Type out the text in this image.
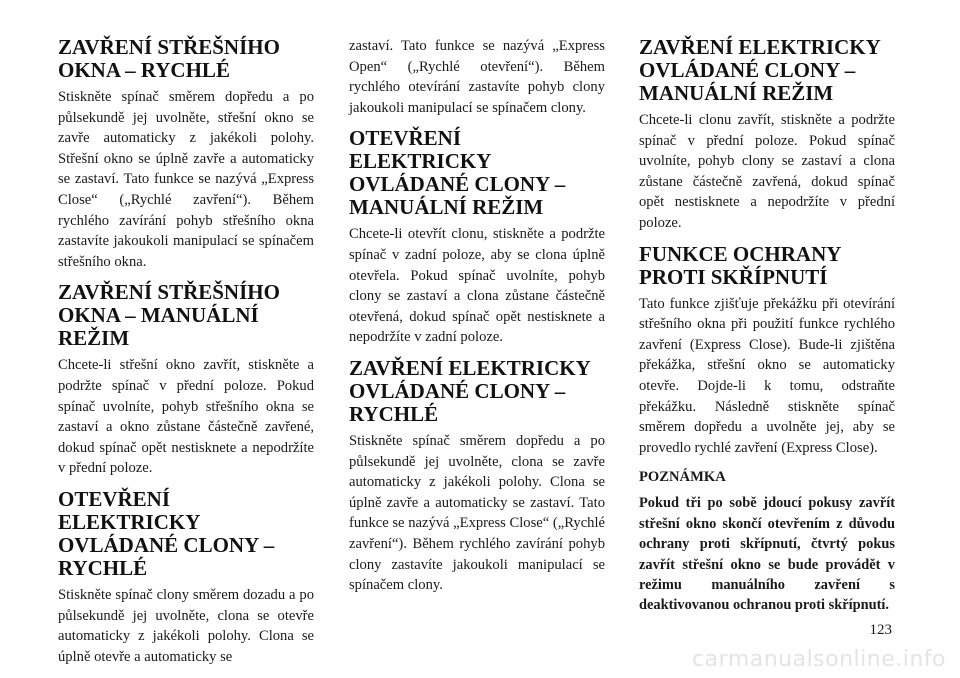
ZAVŘENÍ STŘEŠNÍHO
OKNA – RYCHLÉ

Stiskněte spínač směrem dopředu a po půlsekundě jej uvolněte, střešní okno se zavře automaticky z jakékoli polohy. Střešní okno se úplně zavře a automaticky se zastaví. Tato funkce se nazývá „Express Close“ („Rychlé zavření“). Během rychlého zavírání pohyb střešního okna zastavíte jakoukoli manipulací se spínačem střešního okna.

ZAVŘENÍ STŘEŠNÍHO
OKNA – MANUÁLNÍ
REŽIM

Chcete-li střešní okno zavřít, stiskněte a podržte spínač v přední poloze. Pokud spínač uvolníte, pohyb střešního okna se zastaví a okno zůstane částečně zavřené, dokud spínač opět nestisknete a nepodržíte v přední poloze.

OTEVŘENÍ ELEKTRICKY
OVLÁDANÉ CLONY –
RYCHLÉ

Stiskněte spínač clony směrem dozadu a po půlsekundě jej uvolněte, clona se otevře automaticky z jakékoli polohy. Clona se úplně otevře a automaticky se

zastaví. Tato funkce se nazývá „Express Open“ („Rychlé otevření“). Během rychlého otevírání zastavíte pohyb clony jakoukoli manipulací se spínačem clony.

OTEVŘENÍ ELEKTRICKY
OVLÁDANÉ CLONY –
MANUÁLNÍ REŽIM

Chcete-li otevřít clonu, stiskněte a podržte spínač v zadní poloze, aby se clona úplně otevřela. Pokud spínač uvolníte, pohyb clony se zastaví a clona zůstane částečně otevřená, dokud spínač opět nestisknete a nepodržíte v zadní poloze.

ZAVŘENÍ ELEKTRICKY
OVLÁDANÉ CLONY –
RYCHLÉ

Stiskněte spínač směrem dopředu a po půlsekundě jej uvolněte, clona se zavře automaticky z jakékoli polohy. Clona se úplně zavře a automaticky se zastaví. Tato funkce se nazývá „Express Close“ („Rychlé zavření“). Během rychlého zavírání pohyb clony zastavíte jakoukoli manipulací se spínačem clony.

ZAVŘENÍ ELEKTRICKY
OVLÁDANÉ CLONY –
MANUÁLNÍ REŽIM

Chcete-li clonu zavřít, stiskněte a podržte spínač v přední poloze. Pokud spínač uvolníte, pohyb clony se zastaví a clona zůstane částečně zavřená, dokud spínač opět nestisknete a nepodržíte v přední poloze.

FUNKCE OCHRANY
PROTI SKŘÍPNUTÍ

Tato funkce zjišťuje překážku při otevírání střešního okna při použití funkce rychlého zavření (Express Close). Bude-li zjištěna překážka, střešní okno se automaticky otevře. Dojde-li k tomu, odstraňte překážku. Následně stiskněte spínač směrem dopředu a uvolněte jej, aby se provedlo rychlé zavření (Express Close).

POZNÁMKA

Pokud tři po sobě jdoucí pokusy zavřít střešní okno skončí otevřením z důvodu ochrany proti skřípnutí, čtvrtý pokus zavřít střešní okno se bude provádět v režimu manuálního zavření s deaktivovanou ochranou proti skřípnutí.

123
carmanualsonline.info
